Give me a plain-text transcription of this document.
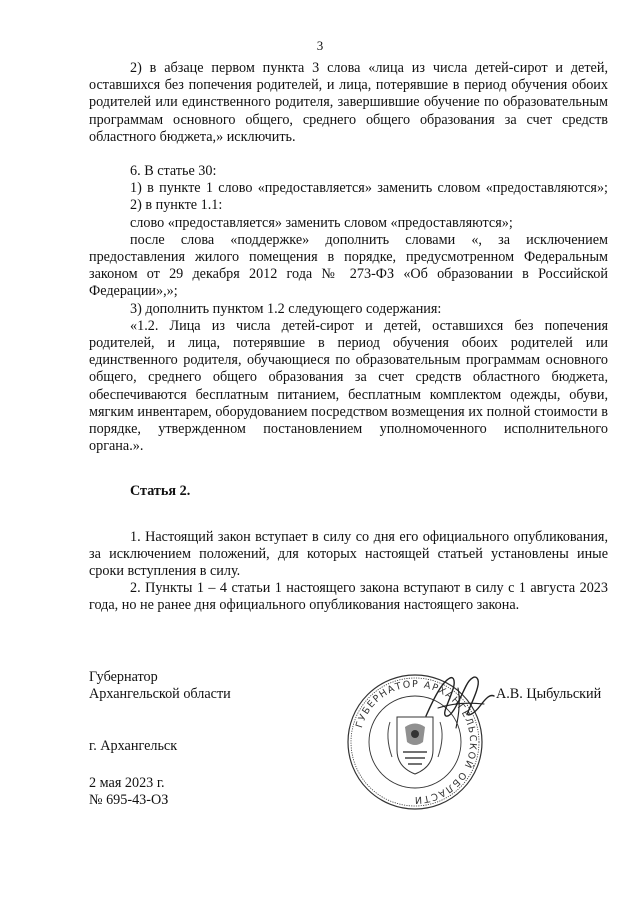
3

2) в абзаце первом пункта 3 слова «лица из числа детей-сирот и детей, оставшихся без попечения родителей, и лица, потерявшие в период обучения обоих родителей или единственного родителя, завершившие обучение по образовательным программам основного общего, среднего общего образования за счет средств областного бюджета,» исключить.

6. В статье 30:

1) в пункте 1 слово «предоставляется» заменить словом «предоставляются»;

2) в пункте 1.1:

слово «предоставляется» заменить словом «предоставляются»;

после слова «поддержке» дополнить словами «, за исключением предоставления жилого помещения в порядке, предусмотренном Федеральным законом от 29 декабря 2012 года № 273-ФЗ «Об образовании в Российской Федерации»,»;

3) дополнить пунктом 1.2 следующего содержания:

«1.2. Лица из числа детей-сирот и детей, оставшихся без попечения родителей, и лица, потерявшие в период обучения обоих родителей или единственного родителя, обучающиеся по образовательным программам основного общего, среднего общего образования за счет средств областного бюджета, обеспечиваются бесплатным питанием, бесплатным комплектом одежды, обуви, мягким инвентарем, оборудованием посредством возмещения их полной стоимости в порядке, утвержденном постановлением уполномоченного исполнительного органа.».

Статья 2.

1. Настоящий закон вступает в силу со дня его официального опубликования, за исключением положений, для которых настоящей статьей установлены иные сроки вступления в силу.

2. Пункты 1 – 4 статьи 1 настоящего закона вступают в силу с 1 августа 2023 года, но не ранее дня официального опубликования настоящего закона.

Губернатор

Архангельской области	А.В. Цыбульский

г. Архангельск

2 мая 2023 г.

№ 695-43-ОЗ

ГУБЕРНАТОР АРХАНГЕЛЬСКОЙ ОБЛАСТИ
